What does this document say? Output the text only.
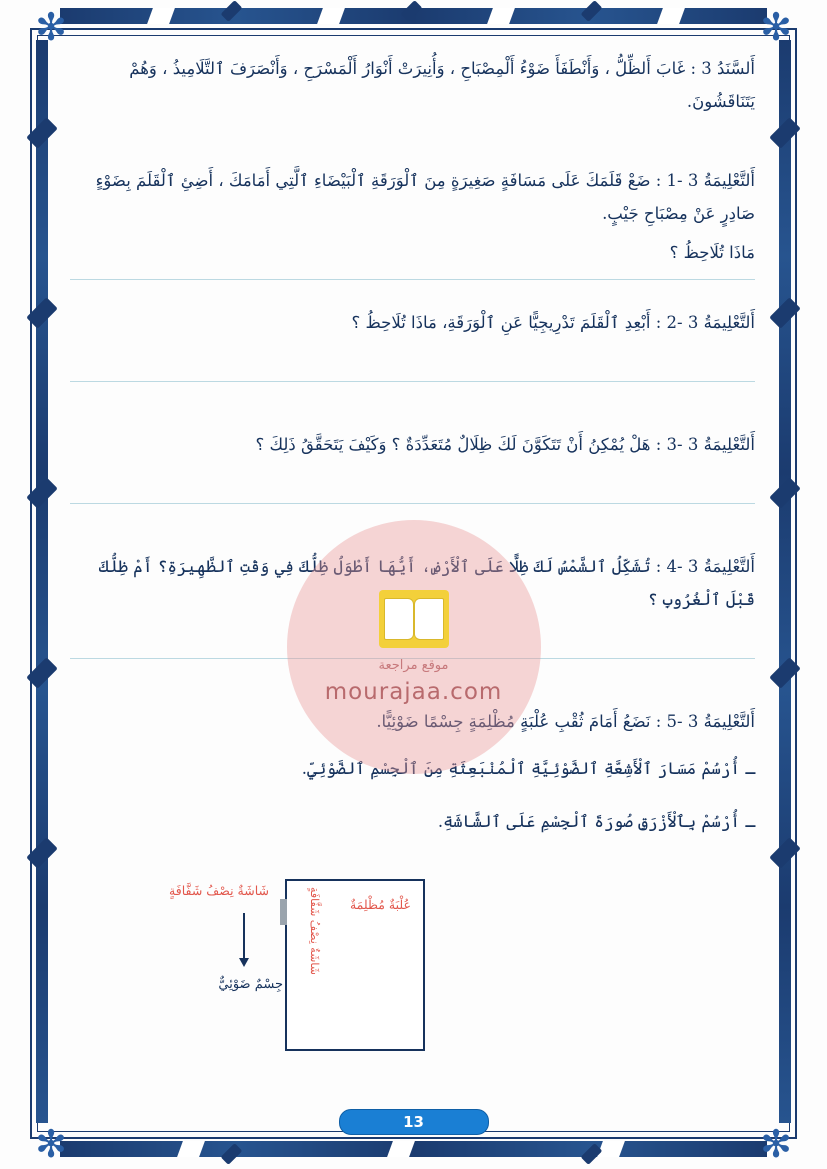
✻	✻
✻	✻

أَلسَّنَدُ 3 : غَابَ أَلظِّلُّ ، وَأَنْطَفَأَ ضَوْءُ أَلْمِصْبَاحِ ، وَأُنِيرَتْ أَنْوَارُ أَلْمَسْرَحِ ، وَأَنْصَرَفَ ٱلتَّلَامِيذُ ، وَهُمْ يَتَنَاقَشُونَ.

أَلتَّعْلِيمَةُ 3 -1 : ضَعْ قَلَمَكَ عَلَى مَسَافَةٍ صَغِيرَةٍ مِنَ ٱلْوَرَقَةِ ٱلْبَيْضَاءِ ٱلَّتِي أَمَامَكَ ، أَضِئِ ٱلْقَلَمَ بِضَوْءٍ صَادِرٍ عَنْ مِصْبَاحِ جَيْبٍ.

مَاذَا تُلَاحِظُ ؟

أَلتَّعْلِيمَةُ 3 -2 : أَبْعِدِ ٱلْقَلَمَ تَدْرِيجِيًّا عَنِ ٱلْوَرَقَةِ، مَاذَا تُلَاحِظُ ؟

أَلتَّعْلِيمَةُ 3 -3 : هَلْ يُمْكِنُ أَنْ تَتَكَوَّنَ لَكَ ظِلَالٌ مُتَعَدِّدَةٌ ؟ وَكَيْفَ يَتَحَقَّقُ ذَلِكَ ؟

أَلتَّعْلِيمَةُ 3 -4 : تُشَكِّلُ ٱلشَّمْسُ لَكَ ظِلًّا عَلَى ٱلْأَرْضِ، أَيُّهَا أَطْوَلُ ظِلُّكَ فِي وَقْتِ ٱلظَّهِيرَةِ؟ أَمْ ظِلُّكَ قَبْلَ ٱلْغُرُوبِ ؟

أَلتَّعْلِيمَةُ 3 -5 : نَضَعُ أَمَامَ ثُقْبِ عُلْبَةٍ مُظْلِمَةٍ جِسْمًا ضَوْئِيًّا.

ـ أُرْسُمْ مَسَارَ ٱلْأَشِعَّةِ ٱلضَّوْئِيَّةِ ٱلْمُنْبَعِثَةِ مِنَ ٱلْجِسْمِ ٱلضَّوْئِيِّ.

ـ أُرْسُمْ بِٱلْأَزْرَقِ صُورَةَ ٱلْجِسْمِ عَلَى ٱلشَّاشَةِ.

عُلْبَةٌ مُظْلِمَةٌ
شَاشَةٌ نِصْفُ شَفَّافَةٍ
شَاشَةٌ نِصْفُ شَفَّافَةٍ
جِسْمٌ ضَوْئِيٌّ
موقع مراجعة
mourajaa.com
13
